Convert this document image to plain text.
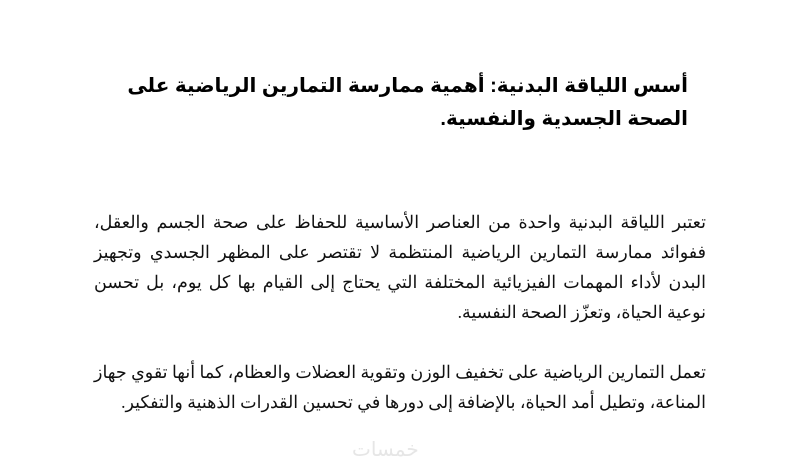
أسس اللياقة البدنية: أهمية ممارسة التمارين الرياضية على الصحة الجسدية والنفسية.

تعتبر اللياقة البدنية واحدة من العناصر الأساسية للحفاظ على صحة الجسم والعقل، ففوائد ممارسة التمارين الرياضية المنتظمة لا تقتصر على المظهر الجسدي وتجهيز البدن لأداء المهمات الفيزيائية المختلفة التي يحتاج إلى القيام بها كل يوم، بل تحسن نوعية الحياة، وتعزّز الصحة النفسية.

تعمل التمارين الرياضية على تخفيف الوزن وتقوية العضلات والعظام، كما أنها تقوي جهاز المناعة، وتطيل أمد الحياة، بالإضافة إلى دورها في تحسين القدرات الذهنية والتفكير.

خمسات
